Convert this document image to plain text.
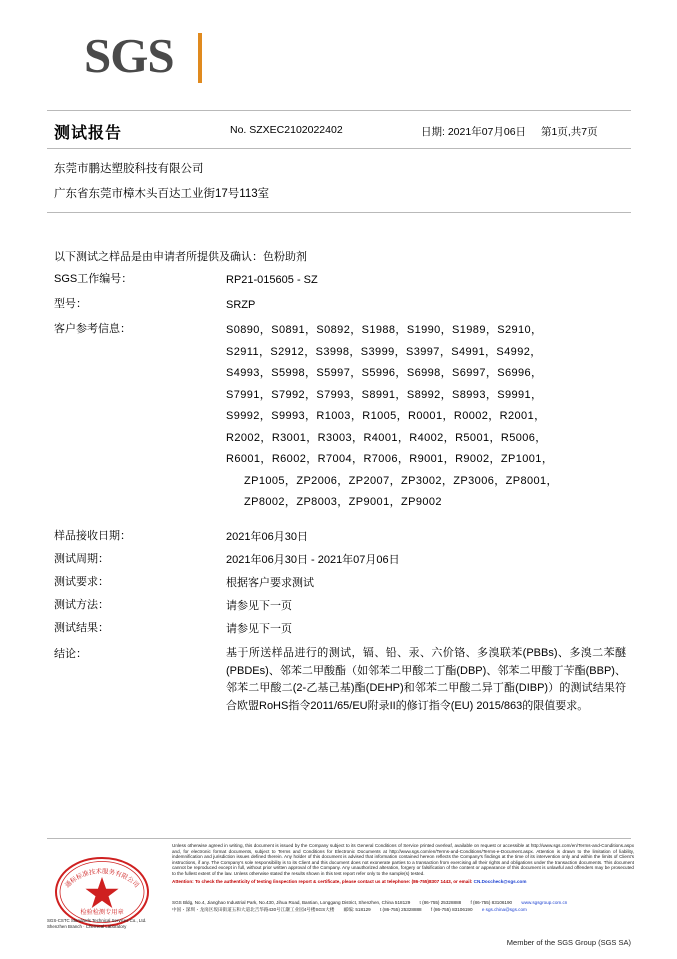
SGS
测试报告	No. SZXEC2102022402	日期: 2021年07月06日 第1页,共7页
东莞市鹏达塑胶科技有限公司
广东省东莞市樟木头百达工业街17号113室
以下测试之样品是由申请者所提供及确认：色粉助剂
SGS工作编号：	RP21-015605 - SZ
型号：	SRZP
客户参考信息：	S0890，S0891，S0892，S1988，S1990，S1989，S2910，
S2911，S2912，S3998，S3999，S3997，S4991，S4992，
S4993，S5998，S5997，S5996，S6998，S6997，S6996，
S7991，S7992，S7993，S8991，S8992，S8993，S9991，
S9992，S9993，R1003，R1005，R0001，R0002，R2001，
R2002，R3001，R3003，R4001，R4002，R5001，R5006，
R6001，R6002，R7004，R7006，R9001，R9002，ZP1001，
ZP1005，ZP2006，ZP2007，ZP3002，ZP3006，ZP8001，
ZP8002，ZP8003，ZP9001，ZP9002
样品接收日期：	2021年06月30日
测试周期：	2021年06月30日 - 2021年07月06日
测试要求：	根据客户要求测试
测试方法：	请参见下一页
测试结果：	请参见下一页
结论：	基于所送样品进行的测试，镉、铅、汞、六价铬、多溴联苯(PBBs)、多溴二苯醚(PBDEs)、邻苯二甲酸酯（如邻苯二甲酸二丁酯(DBP)、邻苯二甲酸丁苄酯(BBP)、邻苯二甲酸二(2-乙基己基)酯(DEHP)和邻苯二甲酸二异丁酯(DIBP)）的测试结果符合欧盟RoHS指令2011/65/EU附录II的修订指令(EU) 2015/863的限值要求。
通标标准技术服务有限公司
检验检测专用章
SGS-CSTC Standards Technical Services Co., Ltd.
Shenzhen Branch · Chemical Laboratory
Unless otherwise agreed in writing, this document is issued by the Company subject to its General Conditions of Service printed overleaf, available on request or accessible at http://www.sgs.com/en/Terms-and-Conditions.aspx and, for electronic format documents, subject to Terms and Conditions for Electronic Documents at http://www.sgs.com/en/Terms-and-Conditions/Terms-e-Document.aspx. Attention is drawn to the limitation of liability, indemnification and jurisdiction issues defined therein. Any holder of this document is advised that information contained hereon reflects the Company's findings at the time of its intervention only and within the limits of Client's instructions, if any. The Company's sole responsibility is to its Client and this document does not exonerate parties to a transaction from exercising all their rights and obligations under the transaction documents. This document cannot be reproduced except in full, without prior written approval of the Company. Any unauthorized alteration, forgery or falsification of the content or appearance of this document is unlawful and offenders may be prosecuted to the fullest extent of the law. Unless otherwise stated the results shown in this test report refer only to the sample(s) tested.
Attention: To check the authenticity of testing /inspection report & certificate, please contact us at telephone: (86-755)8307 1443, or email: CN.Doccheck@sgs.com
SGS Bldg, No.4, Jianghao Industrial Park, No.430, Jihua Road, Bantian, Longgang District, Shenzhen, China 518129 t (86-755) 25328888 f (86-755) 83106190 www.sgsgroup.com.cn
中国・深圳・龙岗区坂田街道五和大道北吉华路430号江灏工业园4号楼SGS大楼 邮编: 518129 t (86-755) 25328888 f (86-755) 83106190 e sgs.china@sgs.com
Member of the SGS Group (SGS SA)
